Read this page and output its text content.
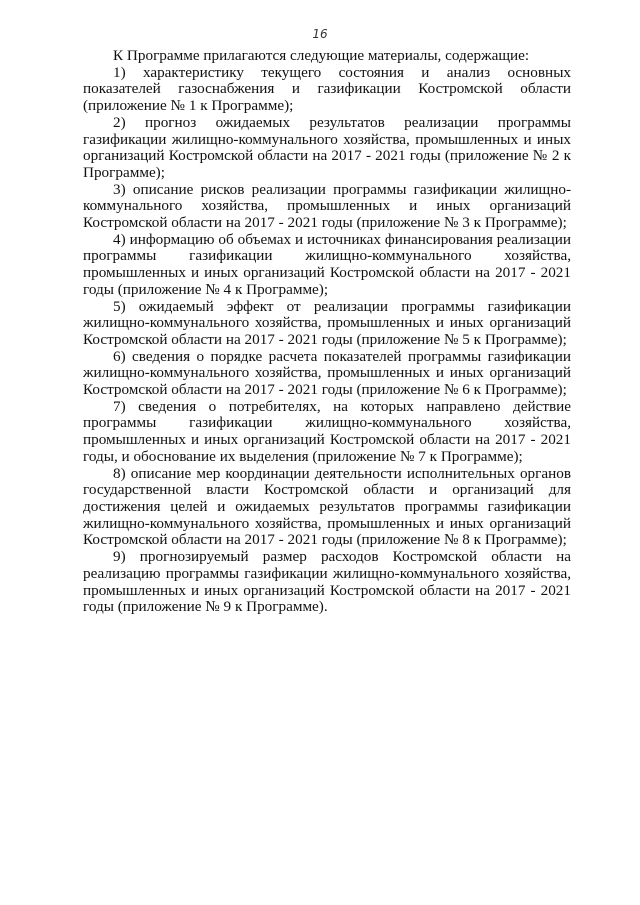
16

К Программе прилагаются следующие материалы, содержащие:

1) характеристику текущего состояния и анализ основных показателей газоснабжения и газификации Костромской области (приложение № 1 к Программе);

2) прогноз ожидаемых результатов реализации программы газификации жилищно-коммунального хозяйства, промышленных и иных организаций Костромской области на 2017 - 2021 годы (приложение № 2 к Программе);

3) описание рисков реализации программы газификации жилищно-коммунального хозяйства, промышленных и иных организаций Костромской области на 2017 - 2021 годы (приложение № 3 к Программе);

4) информацию об объемах и источниках финансирования реализации программы газификации жилищно-коммунального хозяйства, промышленных и иных организаций Костромской области на 2017 - 2021 годы (приложение № 4 к Программе);

5) ожидаемый эффект от реализации программы газификации жилищно-коммунального хозяйства, промышленных и иных организаций Костромской области на 2017 - 2021 годы (приложение № 5 к Программе);

6) сведения о порядке расчета показателей программы газификации жилищно-коммунального хозяйства, промышленных и иных организаций Костромской области на 2017 - 2021 годы (приложение № 6 к Программе);

7) сведения о потребителях, на которых направлено действие программы газификации жилищно-коммунального хозяйства, промышленных и иных организаций Костромской области на 2017 - 2021 годы, и обоснование их выделения (приложение № 7 к Программе);

8) описание мер координации деятельности исполнительных органов государственной власти Костромской области и организаций для достижения целей и ожидаемых результатов программы газификации жилищно-коммунального хозяйства, промышленных и иных организаций Костромской области на 2017 - 2021 годы (приложение № 8 к Программе);

9) прогнозируемый размер расходов Костромской области на реализацию программы газификации жилищно-коммунального хозяйства, промышленных и иных организаций Костромской области на 2017 - 2021 годы (приложение № 9 к Программе).
